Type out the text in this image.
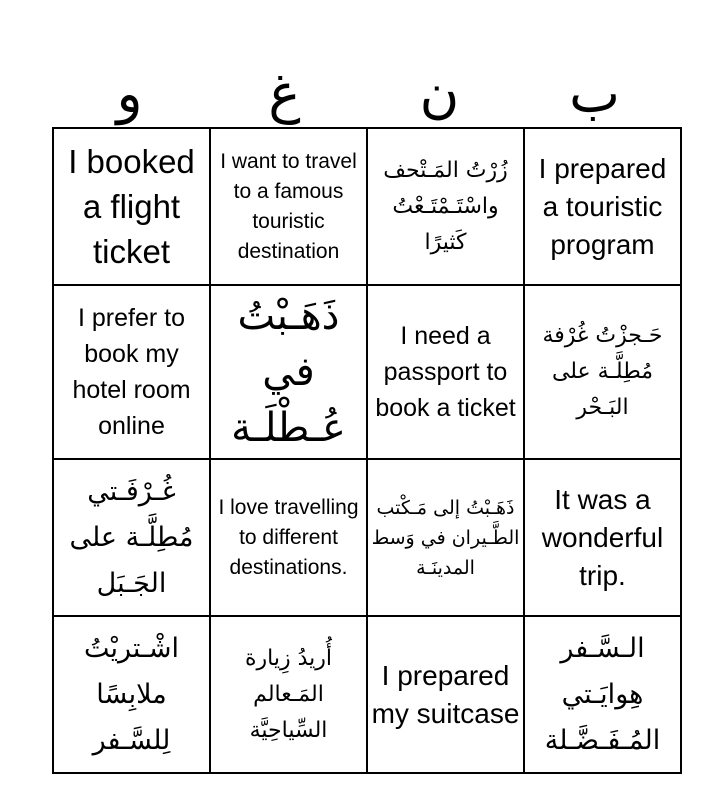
و	غ	ن	ب
I booked a flight ticket	I want to travel to a famous touristic destination	زُرْتُ المَـتْحف واسْتَـمْتَـعْتُ كَثيرًا	I prepared a touristic program

I prefer to book my hotel room online	ذَهَـبْتُ في عُـطْلَـة	I need a passport to book a ticket	حَـجزْتُ غُرْفة مُطِلَّـة على البَـحْر

غُـرْفَـتي مُطِلَّـة على الجَـبَل	I love travelling to different destinations.	ذَهَـبْتُ إلى مَـكْتب الطَّـيران في وَسط المدينَـة	It was a wonderful trip.

اشْـتريْتُ ملابِسًا لِلسَّـفر	أُريدُ زِيارة المَـعالم السِّياحِيَّة	I prepared my suitcase	الـسَّـفر هِوايَـتي المُـفَـضَّـلة
